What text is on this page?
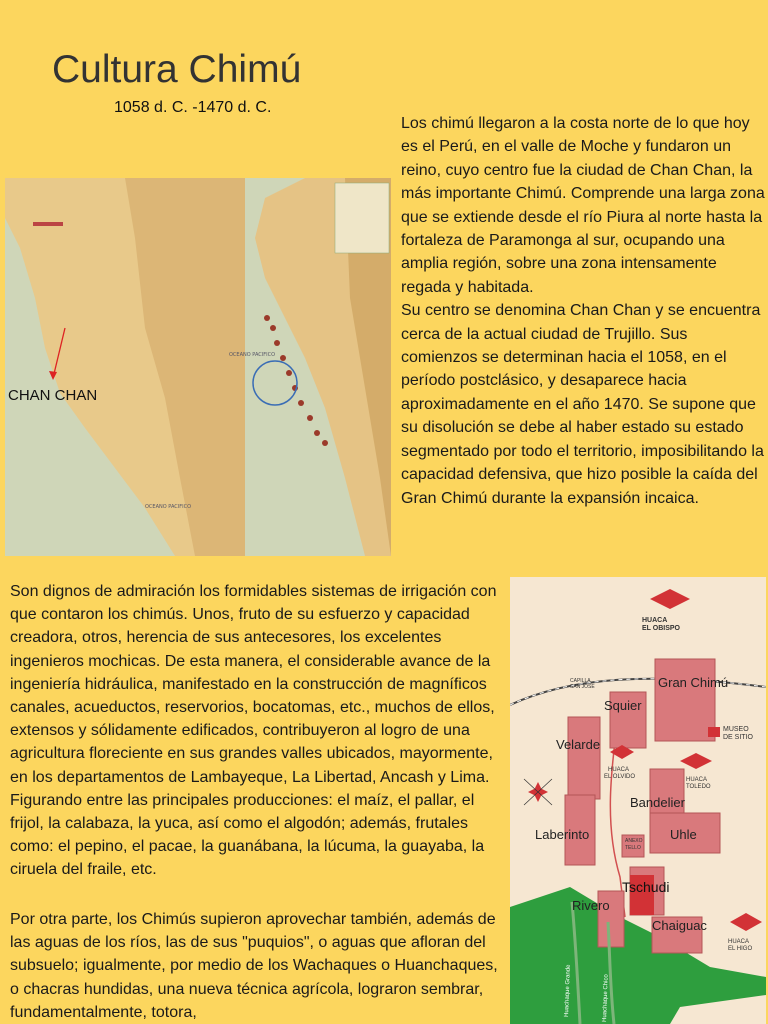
Cultura Chimú
1058 d. C. -1470 d. C.
Los chimú llegaron a la costa norte de lo que hoy es el Perú, en el valle de Moche y fundaron un reino, cuyo centro fue la ciudad de Chan Chan, la más importante Chimú. Comprende una larga zona que se extiende desde el río Piura al norte hasta la fortaleza de Paramonga al sur, ocupando una amplia región, sobre una zona intensamente regada y habitada.
Su centro se denomina Chan Chan y se encuentra cerca de la actual ciudad de Trujillo. Sus comienzos se determinan hacia el 1058, en el período postclásico, y desaparece hacia aproximadamente en el año 1470. Se supone que su disolución se debe al haber estado su estado segmentado por todo el territorio, imposibilitando la capacidad defensiva, que hizo posible la caída del Gran Chimú durante la expansión incaica.
OCEANO PACIFICO
OCEANO PACIFICO
CHAN CHAN
Son dignos de admiración los formidables sistemas de irrigación con que contaron los chimús. Unos, fruto de su esfuerzo y capacidad creadora, otros, herencia de sus antecesores, los excelentes ingenieros mochicas. De esta manera, el considerable avance de la ingeniería hidráulica, manifestado en la construcción de magníficos canales, acueductos, reservorios, bocatomas, etc., muchos de ellos, extensos y sólidamente edificados, contribuyeron al logro de una agricultura floreciente en sus grandes valles ubicados, mayormente, en los departamentos de Lambayeque, La Libertad, Ancash y Lima. Figurando entre las principales producciones: el maíz, el pallar, el frijol, la calabaza, la yuca, así como el algodón; además, frutales como: el pepino, el pacae, la guanábana, la lúcuma, la guayaba, la ciruela del fraile, etc.
Por otra parte, los Chimús supieron aprovechar también, además de las aguas de los ríos, las de sus "puquios", o aguas que afloran del subsuelo; igualmente, por medio de los Wachaques o Huanchaques, o chacras hundidas, una nueva técnica agrícola, lograron sembrar, fundamentalmente, totora,
HUACA
EL OBISPO
Gran Chimú
CAPILLA
SAN JOSE
Squier
MUSEO
DE SITIO
Velarde
HUACA
EL OLVIDO	HUACA
TOLEDO
Bandelier
Laberinto	ANEXO
TELLO
Uhle
Tschudi
Rivero
Chaiguac
HUACA
EL HIGO
Huachaque Grande	Huachaque Chico
